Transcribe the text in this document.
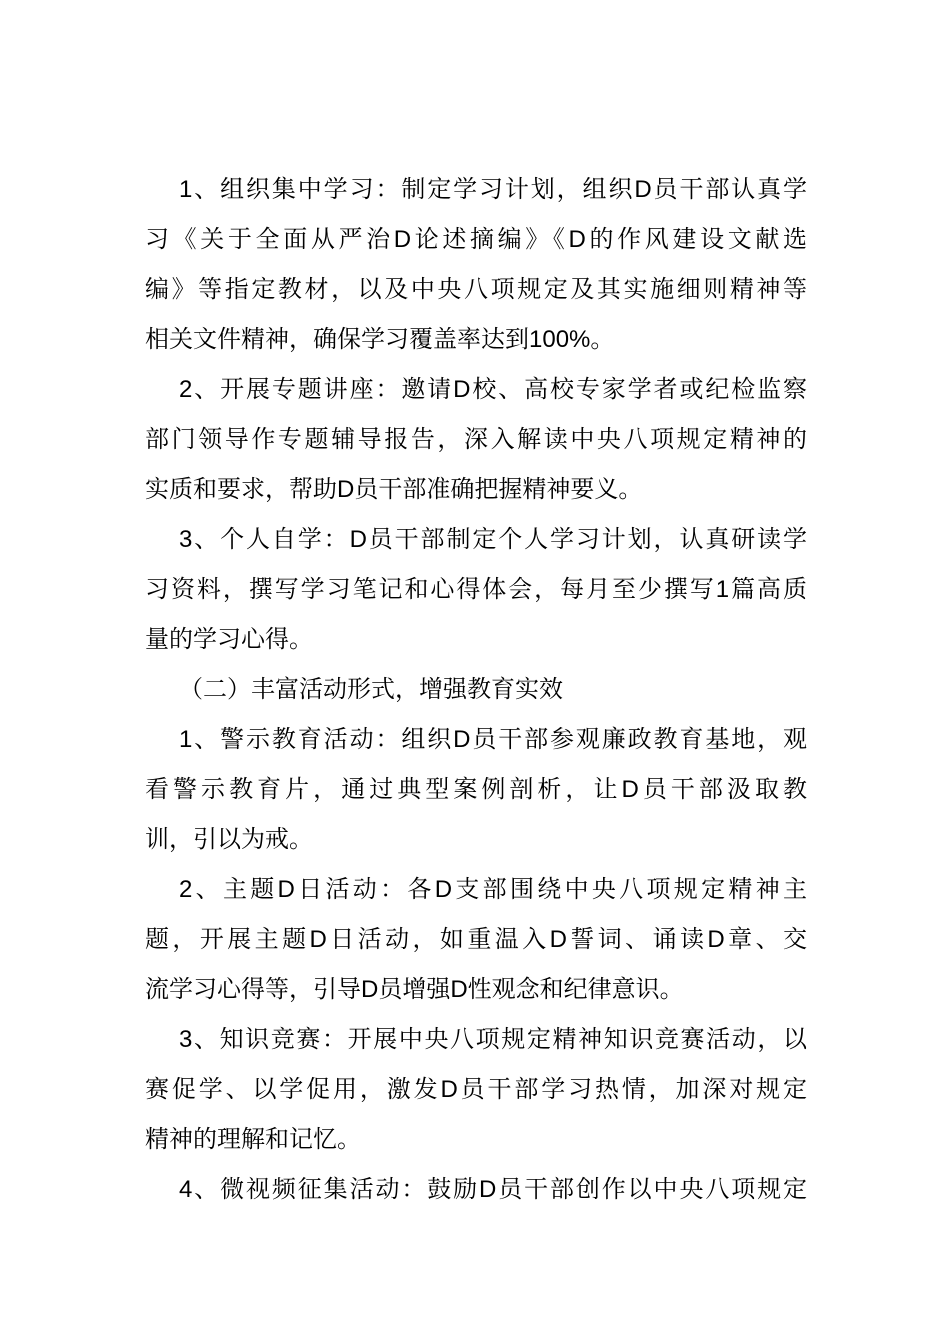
1、组织集中学习：制定学习计划，组织D员干部认真学
习《关于全面从严治D论述摘编》《D的作风建设文献选
编》等指定教材，以及中央八项规定及其实施细则精神等
相关文件精神，确保学习覆盖率达到100%。
2、开展专题讲座：邀请D校、高校专家学者或纪检监察
部门领导作专题辅导报告，深入解读中央八项规定精神的
实质和要求，帮助D员干部准确把握精神要义。
3、个人自学：D员干部制定个人学习计划，认真研读学
习资料，撰写学习笔记和心得体会，每月至少撰写1篇高质
量的学习心得。
（二）丰富活动形式，增强教育实效
1、警示教育活动：组织D员干部参观廉政教育基地，观
看警示教育片，通过典型案例剖析，让D员干部汲取教
训，引以为戒。
2、主题D日活动：各D支部围绕中央八项规定精神主
题，开展主题D日活动，如重温入D誓词、诵读D章、交
流学习心得等，引导D员增强D性观念和纪律意识。
3、知识竞赛：开展中央八项规定精神知识竞赛活动，以
赛促学、以学促用，激发D员干部学习热情，加深对规定
精神的理解和记忆。
4、微视频征集活动：鼓励D员干部创作以中央八项规定
